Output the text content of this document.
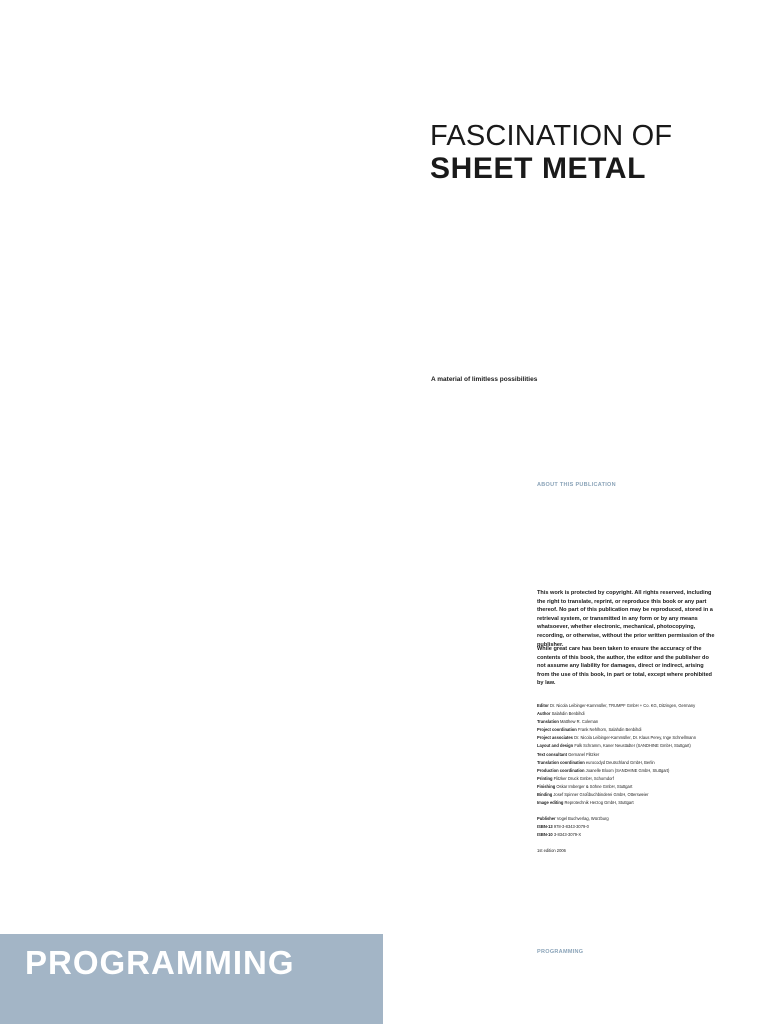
FASCINATION OF
SHEET METAL
A material of limitless possibilities
ABOUT THIS PUBLICATION

This work is protected by copyright. All rights reserved, including the right to translate, reprint, or reproduce this book or any part thereof. No part of this publication may be reproduced, stored in a retrieval system, or transmitted in any form or by any means whatsoever, whether electronic, mechanical, photocopying, recording, or otherwise, without the prior written permission of the publisher.

While great care has been taken to ensure the accuracy of the contents of this book, the author, the editor and the publisher do not assume any liability for damages, direct or indirect, arising from the use of this book, in part or total, except where prohibited by law.

Editor Dr. Nicola Leibinger-Kammüller, TRUMPF GmbH + Co. KG, Ditzingen, Germany
Author Salahdin Benbihdi
Translation Matthew R. Coleman
Project coordination Frank Nehlhorn, Salahdin Benbihdi
Project associates Dr. Nicola Leibinger-Kammüller, Dr. Klaus Perey, Inge Schnellmann
Layout and design Falk Schramm, Kaner Neustädter (SANDHINE GmbH, Stuttgart)
Text consultant Gernanel Flitzker
Translation coordination eurocodyd Deutschland GmbH, Berlin
Production coordination Joanelle Bloom (SANDHINE GmbH, Stuttgart)
Printing Flitzker Druck GmbH, Schorndorf
Finishing Oskar Imberger & Söhne GmbH, Stuttgart
Binding Josef Spinner Großbuchbinderei GmbH, Ottersweier
Image editing Reprotechnik Herzog GmbH, Stuttgart
Publisher Vogel Buchverlag, Würzburg
ISBN-13 978-3-8343-3079-0
ISBN-10 3-8343-3079-X
1st edition 2006
PROGRAMMING
PROGRAMMING
